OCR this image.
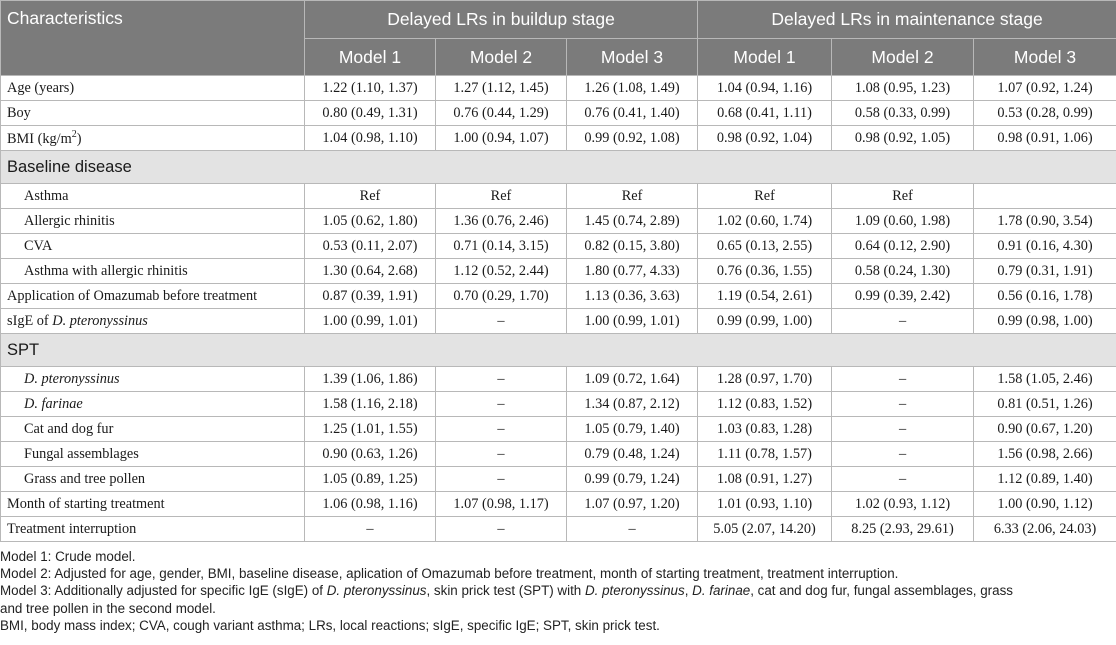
Characteristics	Delayed LRs in buildup stage			Delayed LRs in maintenance stage		
	Model 1	Model 2	Model 3	Model 1	Model 2	Model 3
Age (years)	1.22 (1.10, 1.37)	1.27 (1.12, 1.45)	1.26 (1.08, 1.49)	1.04 (0.94, 1.16)	1.08 (0.95, 1.23)	1.07 (0.92, 1.24)
Boy	0.80 (0.49, 1.31)	0.76 (0.44, 1.29)	0.76 (0.41, 1.40)	0.68 (0.41, 1.11)	0.58 (0.33, 0.99)	0.53 (0.28, 0.99)
BMI $(kg/m^2)$	1.04 (0.98, 1.10)	1.00 (0.94, 1.07)	0.99 (0.92, 1.08)	0.98 (0.92, 1.04)	0.98 (0.92, 1.05)	0.98 (0.91, 1.06)
Baseline disease						
Asthma	Ref	Ref	Ref	Ref	Ref	
Allergic rhinitis	1.05 (0.62, 1.80)	1.36 (0.76, 2.46)	1.45 (0.74, 2.89)	1.02 (0.60, 1.74)	1.09 (0.60, 1.98)	1.78 (0.90, 3.54)
CVA	0.53 (0.11, 2.07)	0.71 (0.14, 3.15)	0.82 (0.15, 3.80)	0.65 (0.13, 2.55)	0.64 (0.12, 2.90)	0.91 (0.16, 4.30)
Asthma with allergic rhinitis	1.30 (0.64, 2.68)	1.12 (0.52, 2.44)	1.80 (0.77, 4.33)	0.76 (0.36, 1.55)	0.58 (0.24, 1.30)	0.79 (0.31, 1.91)
Application of Omazumab before treatment	0.87 (0.39, 1.91)	0.70 (0.29, 1.70)	1.13 (0.36, 3.63)	1.19 (0.54, 2.61)	0.99 (0.39, 2.42)	0.56 (0.16, 1.78)
sIgE of D. pteronyssinus	1.00 (0.99, 1.01)	–	1.00 (0.99, 1.01)	0.99 (0.99, 1.00)	–	0.99 (0.98, 1.00)
SPT						
D. pteronyssinus	1.39 (1.06, 1.86)	–	1.09 (0.72, 1.64)	1.28 (0.97, 1.70)	–	1.58 (1.05, 2.46)
D. farinae	1.58 (1.16, 2.18)	–	1.34 (0.87, 2.12)	1.12 (0.83, 1.52)	–	0.81 (0.51, 1.26)
Cat and dog fur	1.25 (1.01, 1.55)	–	1.05 (0.79, 1.40)	1.03 (0.83, 1.28)	–	0.90 (0.67, 1.20)
Fungal assemblages	0.90 (0.63, 1.26)	–	0.79 (0.48, 1.24)	1.11 (0.78, 1.57)	–	1.56 (0.98, 2.66)
Grass and tree pollen	1.05 (0.89, 1.25)	–	0.99 (0.79, 1.24)	1.08 (0.91, 1.27)	–	1.12 (0.89, 1.40)
Month of starting treatment	1.06 (0.98, 1.16)	1.07 (0.98, 1.17)	1.07 (0.97, 1.20)	1.01 (0.93, 1.10)	1.02 (0.93, 1.12)	1.00 (0.90, 1.12)
Treatment interruption	–	–	–	5.05 (2.07, 14.20)	8.25 (2.93, 29.61)	6.33 (2.06, 24.03)
Model 1: Crude model.
Model 2: Adjusted for age, gender, BMI, baseline disease, aplication of Omazumab before treatment, month of starting treatment, treatment interruption.
Model 3: Additionally adjusted for specific IgE (sIgE) of D. pteronyssinus, skin prick test (SPT) with D. pteronyssinus, D. farinae, cat and dog fur, fungal assemblages, grass
and tree pollen in the second model.
BMI, body mass index; CVA, cough variant asthma; LRs, local reactions; sIgE, specific IgE; SPT, skin prick test.
